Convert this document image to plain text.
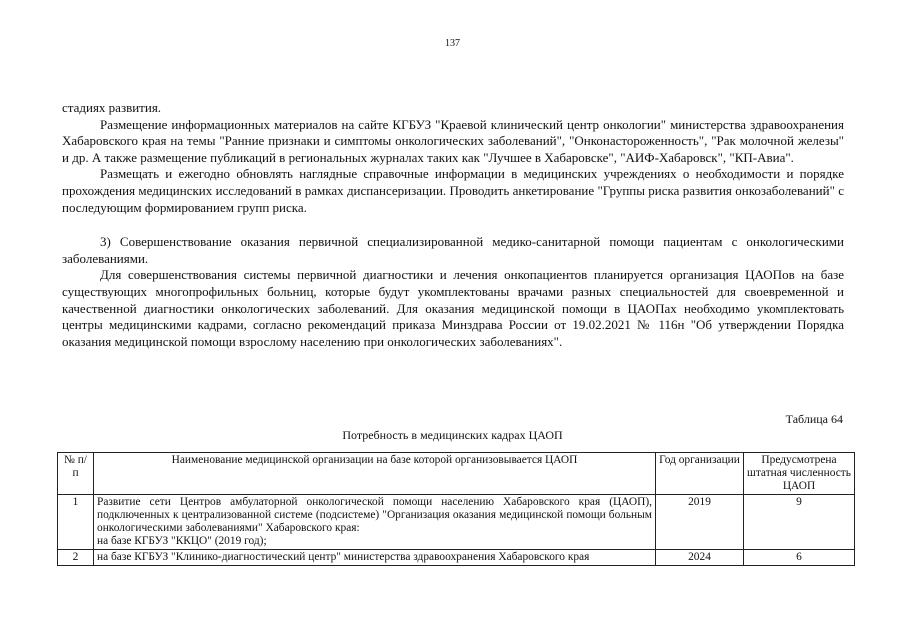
137

стадиях развития.

Размещение информационных материалов на сайте КГБУЗ "Краевой клинический центр онкологии" министерства здравоохранения Хабаровского края на темы "Ранние признаки и симптомы онкологических заболеваний", "Онконастороженность", "Рак молочной железы" и др. А также размещение публикаций в региональных журналах таких как "Лучшее в Хабаровске", "АИФ-Хабаровск", "КП-Авиа".

Размещать и ежегодно обновлять наглядные справочные информации в медицинских учреждениях о необходимости и порядке прохождения медицинских исследований в рамках диспансеризации. Проводить анкетирование "Группы риска развития онкозаболеваний" с последующим формированием групп риска.

3) Совершенствование оказания первичной специализированной медико-санитарной помощи пациентам с онкологическими заболеваниями.

Для совершенствования системы первичной диагностики и лечения онкопациентов планируется организация ЦАОПов на базе существующих многопрофильных больниц, которые будут укомплектованы врачами разных специальностей для своевременной и качественной диагностики онкологических заболеваний. Для оказания медицинской помощи в ЦАОПах необходимо укомплектовать центры медицинскими кадрами, согласно рекомендаций приказа Минздрава России от 19.02.2021 № 116н "Об утверждении Порядка оказания медицинской помощи взрослому населению при онкологических заболеваниях".

Таблица 64
Потребность в медицинских кадрах ЦАОП
№ п/п	Наименование медицинской организации на базе которой организовывается ЦАОП	Год организации	Предусмотрена штатная численность ЦАОП
1	Развитие сети Центров амбулаторной онкологической помощи населению Хабаровского края (ЦАОП), подключенных к централизованной системе (подсистеме) "Организация оказания медицинской помощи больным онкологическими заболеваниями" Хабаровского края:
на базе КГБУЗ "ККЦО" (2019 год);	2019	9
2	на базе КГБУЗ "Клинико-диагностический центр" министерства здравоохранения Хабаровского края	2024	6
